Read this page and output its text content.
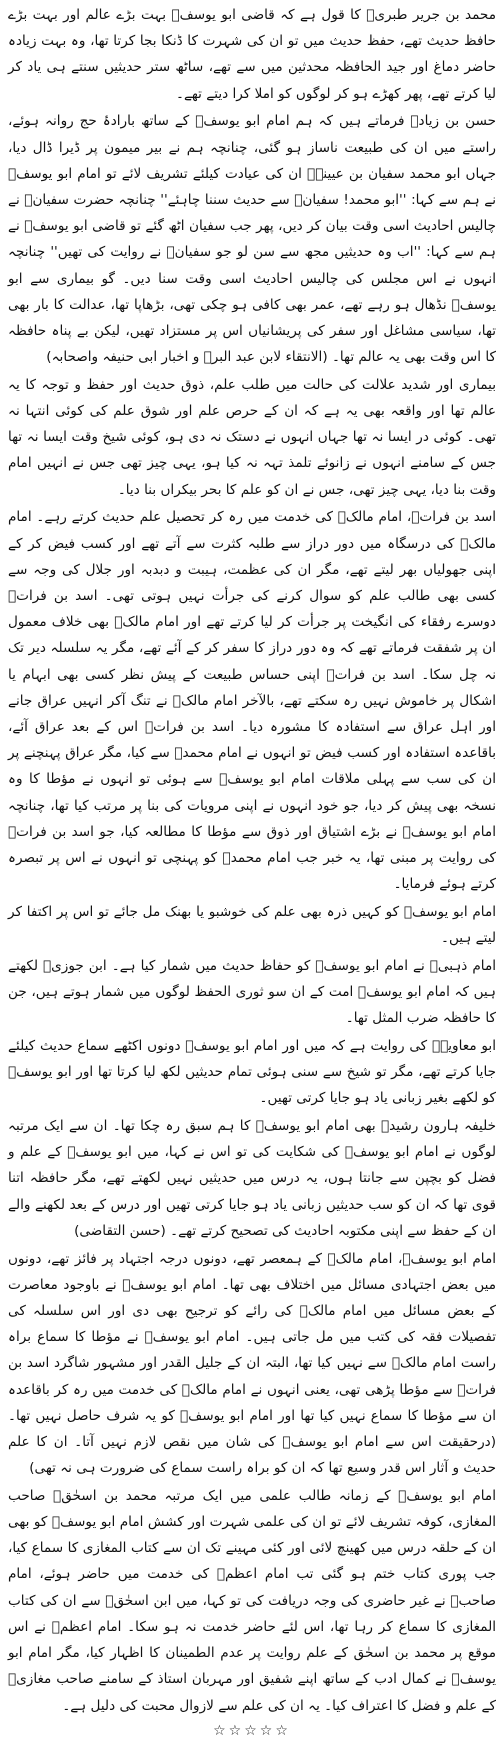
محمد بن جریر طبریؒ کا قول ہے کہ قاضی ابو یوسفؒ بہت بڑے عالم اور بہت بڑے حافظ حدیث تھے، حفظ حدیث میں تو ان کی شہرت کا ڈنکا بجا کرتا تھا، وہ بہت زیادہ حاضر دماغ اور جید الحافظہ محدثین میں سے تھے، ساٹھ ستر حدیثیں سنتے ہی یاد کر لیا کرتے تھے، پھر کھڑے ہو کر لوگوں کو املا کرا دیتے تھے۔

حسن بن زیادؒ فرماتے ہیں کہ ہم امام ابو یوسفؒ کے ساتھ بارادۂ حج روانہ ہوئے، راستے میں ان کی طبیعت ناساز ہو گئی، چنانچہ ہم نے بیر میمون پر ڈیرا ڈال دیا، جہاں ابو محمد سفیان بن عیینہؒ ان کی عیادت کیلئے تشریف لائے تو امام ابو یوسفؒ نے ہم سے کہا: ''ابو محمد! سفیانؒ سے حدیث سننا چاہئے'' چنانچہ حضرت سفیانؒ نے چالیس احادیث اسی وقت بیان کر دیں، پھر جب سفیان اٹھ گئے تو قاضی ابو یوسفؒ نے ہم سے کہا: ''اب وہ حدیثیں مجھ سے سن لو جو سفیانؒ نے روایت کی تھیں'' چنانچہ انہوں نے اس مجلس کی چالیس احادیث اسی وقت سنا دیں۔ گو بیماری سے ابو یوسفؒ نڈھال ہو رہے تھے، عمر بھی کافی ہو چکی تھی، بڑھاپا تھا، عدالت کا بار بھی تھا، سیاسی مشاغل اور سفر کی پریشانیاں اس پر مستزاد تھیں، لیکن بے پناہ حافظہ کا اس وقت بھی یہ عالم تھا۔ (الانتقاء لابن عبد البرؒ و اخبار ابی حنیفہ واصحابہ)

بیماری اور شدید علالت کی حالت میں طلب علم، ذوق حدیث اور حفظ و توجہ کا یہ عالم تھا اور واقعہ بھی یہ ہے کہ ان کے حرص علم اور شوق علم کی کوئی انتہا نہ تھی۔ کوئی در ایسا نہ تھا جہاں انہوں نے دستک نہ دی ہو، کوئی شیخ وقت ایسا نہ تھا جس کے سامنے انہوں نے زانوئے تلمذ تہہ نہ کیا ہو، یہی چیز تھی جس نے انہیں امام وقت بنا دیا، یہی چیز تھی، جس نے ان کو علم کا بحر بیکراں بنا دیا۔

اسد بن فراتؒ، امام مالکؒ کی خدمت میں رہ کر تحصیل علم حدیث کرتے رہے۔ امام مالکؒ کی درسگاہ میں دور دراز سے طلبہ کثرت سے آتے تھے اور کسب فیض کر کے اپنی جھولیاں بھر لیتے تھے، مگر ان کی عظمت، ہیبت و دبدبہ اور جلال کی وجہ سے کسی بھی طالب علم کو سوال کرنے کی جرأت نہیں ہوتی تھی۔ اسد بن فراتؒ دوسرے رفقاء کی انگیخت پر جرأت کر لیا کرتے تھے اور امام مالکؒ بھی خلاف معمول ان پر شفقت فرماتے تھے کہ وہ دور دراز کا سفر کر کے آئے تھے، مگر یہ سلسلہ دیر تک نہ چل سکا۔ اسد بن فراتؒ اپنی حساس طبیعت کے پیش نظر کسی بھی ابہام یا اشکال پر خاموش نہیں رہ سکتے تھے، بالآخر امام مالکؒ نے تنگ آکر انہیں عراق جانے اور اہل عراق سے استفادہ کا مشورہ دیا۔ اسد بن فراتؒ اس کے بعد عراق آئے، باقاعدہ استفادہ اور کسب فیض تو انہوں نے امام محمدؒ سے کیا، مگر عراق پہنچنے پر ان کی سب سے پہلی ملاقات امام ابو یوسفؒ سے ہوئی تو انہوں نے مؤطا کا وہ نسخہ بھی پیش کر دیا، جو خود انہوں نے اپنی مرویات کی بنا پر مرتب کیا تھا، چنانچہ امام ابو یوسفؒ نے بڑے اشتیاق اور ذوق سے مؤطا کا مطالعہ کیا، جو اسد بن فراتؒ کی روایت پر مبنی تھا، یہ خبر جب امام محمدؒ کو پہنچی تو انہوں نے اس پر تبصرہ کرتے ہوئے فرمایا۔

امام ابو یوسفؒ کو کہیں ذرہ بھی علم کی خوشبو یا بھنک مل جائے تو اس پر اکتفا کر لیتے ہیں۔

امام ذہبیؒ نے امام ابو یوسفؒ کو حفاظ حدیث میں شمار کیا ہے۔ ابن جوزیؒ لکھتے ہیں کہ امام ابو یوسفؒ امت کے ان سو ثوری الحفظ لوگوں میں شمار ہوتے ہیں، جن کا حافظہ ضرب المثل تھا۔

ابو معاویہؒ کی روایت ہے کہ میں اور امام ابو یوسفؒ دونوں اکٹھے سماع حدیث کیلئے جایا کرتے تھے، مگر تو شیخ سے سنی ہوئی تمام حدیثیں لکھ لیا کرتا تھا اور ابو یوسفؒ کو لکھے بغیر زبانی یاد ہو جایا کرتی تھیں۔

خلیفہ ہارون رشیدؒ بھی امام ابو یوسفؒ کا ہم سبق رہ چکا تھا۔ ان سے ایک مرتبہ لوگوں نے امام ابو یوسفؒ کی شکایت کی تو اس نے کہا، میں ابو یوسفؒ کے علم و فضل کو بچپن سے جانتا ہوں، یہ درس میں حدیثیں نہیں لکھتے تھے، مگر حافظہ اتنا قوی تھا کہ ان کو سب حدیثیں زبانی یاد ہو جایا کرتی تھیں اور درس کے بعد لکھنے والے ان کے حفظ سے اپنی مکتوبہ احادیث کی تصحیح کرتے تھے۔ (حسن التقاضی)

امام ابو یوسفؒ، امام مالکؒ کے ہمعصر تھے، دونوں درجہ اجتہاد پر فائز تھے، دونوں میں بعض اجتہادی مسائل میں اختلاف بھی تھا۔ امام ابو یوسفؒ نے باوجود معاصرت کے بعض مسائل میں امام مالکؒ کی رائے کو ترجیح بھی دی اور اس سلسلہ کی تفصیلات فقہ کی کتب میں مل جاتی ہیں۔ امام ابو یوسفؒ نے مؤطا کا سماع براہ راست امام مالکؒ سے نہیں کیا تھا، البتہ ان کے جلیل القدر اور مشہور شاگرد اسد بن فراتؒ سے مؤطا پڑھی تھی، یعنی انہوں نے امام مالکؒ کی خدمت میں رہ کر باقاعدہ ان سے مؤطا کا سماع نہیں کیا تھا اور امام ابو یوسفؒ کو یہ شرف حاصل نہیں تھا۔ (درحقیقت اس سے امام ابو یوسفؒ کی شان میں نقص لازم نہیں آتا۔ ان کا علم حدیث و آثار اس قدر وسیع تھا کہ ان کو براہ راست سماع کی ضرورت ہی نہ تھی)

امام ابو یوسفؒ کے زمانہ طالب علمی میں ایک مرتبہ محمد بن اسحٰقؒ صاحب المغازی، کوفہ تشریف لائے تو ان کی علمی شہرت اور کشش امام ابو یوسفؒ کو بھی ان کے حلقہ درس میں کھینچ لائی اور کئی مہینے تک ان سے کتاب المغازی کا سماع کیا، جب پوری کتاب ختم ہو گئی تب امام اعظمؒ کی خدمت میں حاضر ہوئے، امام صاحبؒ نے غیر حاضری کی وجہ دریافت کی تو کہا، میں ابن اسحٰقؒ سے ان کی کتاب المغازی کا سماع کر رہا تھا، اس لئے حاضر خدمت نہ ہو سکا۔ امام اعظمؒ نے اس موقع پر محمد بن اسحٰق کے علم روایت پر عدم الطمینان کا اظہار کیا، مگر امام ابو یوسفؒ نے کمال ادب کے ساتھ اپنے شفیق اور مہربان استاذ کے سامنے صاحب مغازیؒ کے علم و فضل کا اعتراف کیا۔ یہ ان کی علم سے لازوال محبت کی دلیل ہے۔

☆☆☆☆☆
